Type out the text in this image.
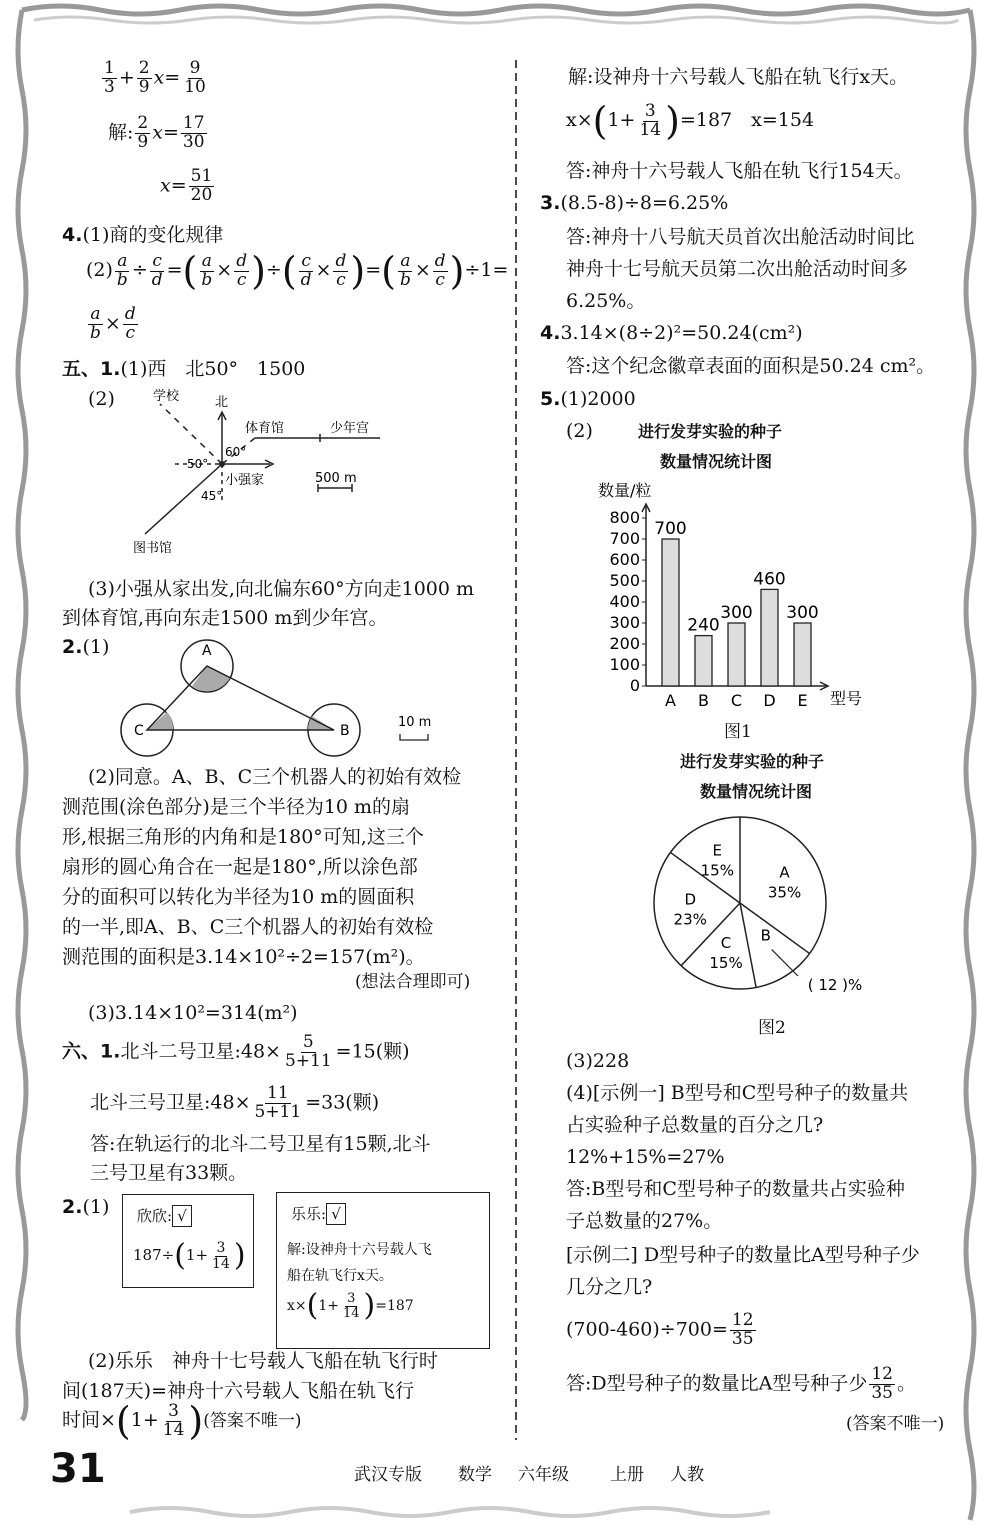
$\frac{1}{3} + \frac{2}{9} x= \frac{9}{10}$
解: $\frac{2}{9} x= \frac{17}{30}$
$x= \frac{51}{20}$
4.(1)商的变化规律
$(2) \frac{a}{b} \div \frac{c}{d}$ =( $\frac{a}{b} \times \frac{d}{c}$ )÷( $\frac{c}{d} \times \frac{d}{c}$ )=( $\frac{a}{b} \times \frac{d}{c} )\div 1=$
$\frac{a}{b} \times \frac{d}{c}$
五、1.(1)西　北50°　1500
(2)	学校	北
体育馆	少年宫
小强家
图书馆
50°
60°
45°
500 m
(3)小强从家出发,向北偏东60°方向走1000 m
到体育馆,再向东走1500 m到少年宫。
2.(1)	A
C	B
10 m
(2)同意。A、B、C三个机器人的初始有效检
测范围(涂色部分)是三个半径为10 m的扇
形,根据三角形的内角和是180°可知,这三个
扇形的圆心角合在一起是180°,所以涂色部
分的面积可以转化为半径为10 m的圆面积
的一半,即A、B、C三个机器人的初始有效检
测范围的面积是3.14×10²÷2=157(m²)。
(想法合理即可)
(3)3.14×10²=314(m²)
六、1.北斗二号卫星:48× $\frac{5}{5+11} =15$(颗)
北斗三号卫星:48× $\frac{11}{5+11} =33$(颗)
答:在轨运行的北斗二号卫星有15颗,北斗
三号卫星有33颗。
2.(1) 欣欣: √
$187\div(1+ \frac{3}{14}$ )
乐乐: √
解:设神舟十六号载人飞
船在轨飞行x天。
$x\times(1+ \frac{3}{14} )=187$
(2)乐乐　神舟十七号载人飞船在轨飞行时
间(187天)=神舟十六号载人飞船在轨飞行
时间$\times(1+ \frac{3}{14}$ )(答案不唯一)
解:设神舟十六号载人飞船在轨飞行x天。
$x\times(1+ \frac{3}{14} )=187$　x=154
答:神舟十六号载人飞船在轨飞行154天。
3.(8.5-8)÷8=6.25%
答:神舟十八号航天员首次出舱活动时间比
神舟十七号航天员第二次出舱活动时间多
6.25%。
4.3.14×(8÷2)²=50.24(cm²)
答:这个纪念徽章表面的面积是50.24 cm²。
5.(1)2000
(2)	进行发芽实验的种子
数量情况统计图
数量/粒
型号
0
100
200
300
400
500
600
700
800
700
A
240
B
300
C
460
D
300
E
图1
进行发芽实验的种子
数量情况统计图
A
35%
B
( 12 )%
C
15%
D
23%
E
15%
图2
(3)228
(4)[示例一] B型号和C型号种子的数量共
占实验种子总数量的百分之几?
12%+15%=27%
答:B型号和C型号种子的数量共占实验种
子总数量的27%。
[示例二] D型号种子的数量比A型号种子少
几分之几?
$(700-460)\div 700= \frac{12}{35}$
答:D型号种子的数量比A型号种子少 $\frac{12}{35}$ 。
(答案不唯一)
31	武汉专版 数学 六年级 上册 人教
